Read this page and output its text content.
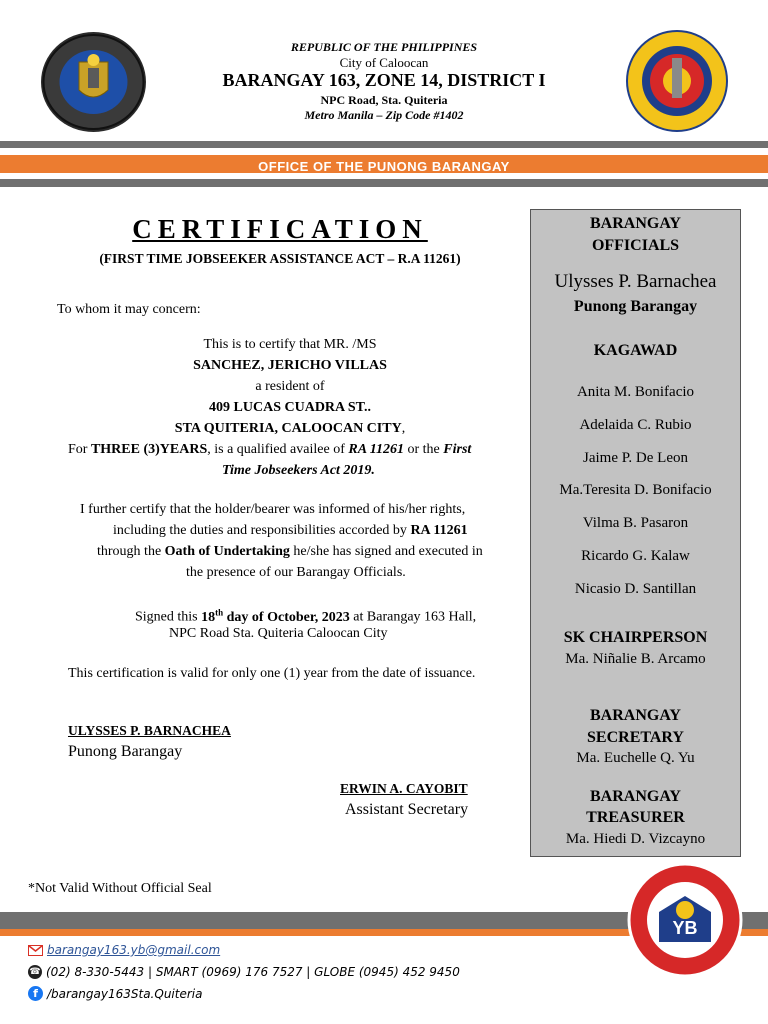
REPUBLIC OF THE PHILIPPINES
City of Caloocan
BARANGAY 163, ZONE 14, DISTRICT I
NPC Road, Sta. Quiteria
Metro Manila – Zip Code #1402
OFFICE OF THE PUNONG BARANGAY
CERTIFICATION
(FIRST TIME JOBSEEKER ASSISTANCE ACT – R.A 11261)
To whom it may concern:
This is to certify that MR. /MS
SANCHEZ, JERICHO VILLAS
a resident of
409 LUCAS CUADRA ST..
STA QUITERIA, CALOOCAN CITY,
For THREE (3)YEARS, is a qualified availee of RA 11261 or the First
Time Jobseekers Act 2019.
I further certify that the holder/bearer was informed of his/her rights,
including the duties and responsibilities accorded by RA 11261
through the Oath of Undertaking he/she has signed and executed in
the presence of our Barangay Officials.
Signed this 18th day of October, 2023 at Barangay 163 Hall,
NPC Road Sta. Quiteria Caloocan City
This certification is valid for only one (1) year from the date of issuance.
ULYSSES P. BARNACHEA
Punong Barangay
ERWIN A. CAYOBIT
Assistant Secretary
*Not Valid Without Official Seal
BARANGAY
OFFICIALS
Ulysses P. Barnachea
Punong Barangay
KAGAWAD
Anita M. Bonifacio
Adelaida C. Rubio
Jaime P. De Leon
Ma.Teresita D. Bonifacio
Vilma B. Pasaron
Ricardo G. Kalaw
Nicasio D. Santillan
SK CHAIRPERSON
Ma. Niñalie B. Arcamo
BARANGAY
SECRETARY
Ma. Euchelle Q. Yu
BARANGAY
TREASURER
Ma. Hiedi D. Vizcayno
YB
barangay163.yb@gmail.com
☎ (02) 8-330-5443 | SMART (0969) 176 7527 | GLOBE (0945) 452 9450
f /barangay163Sta.Quiteria
